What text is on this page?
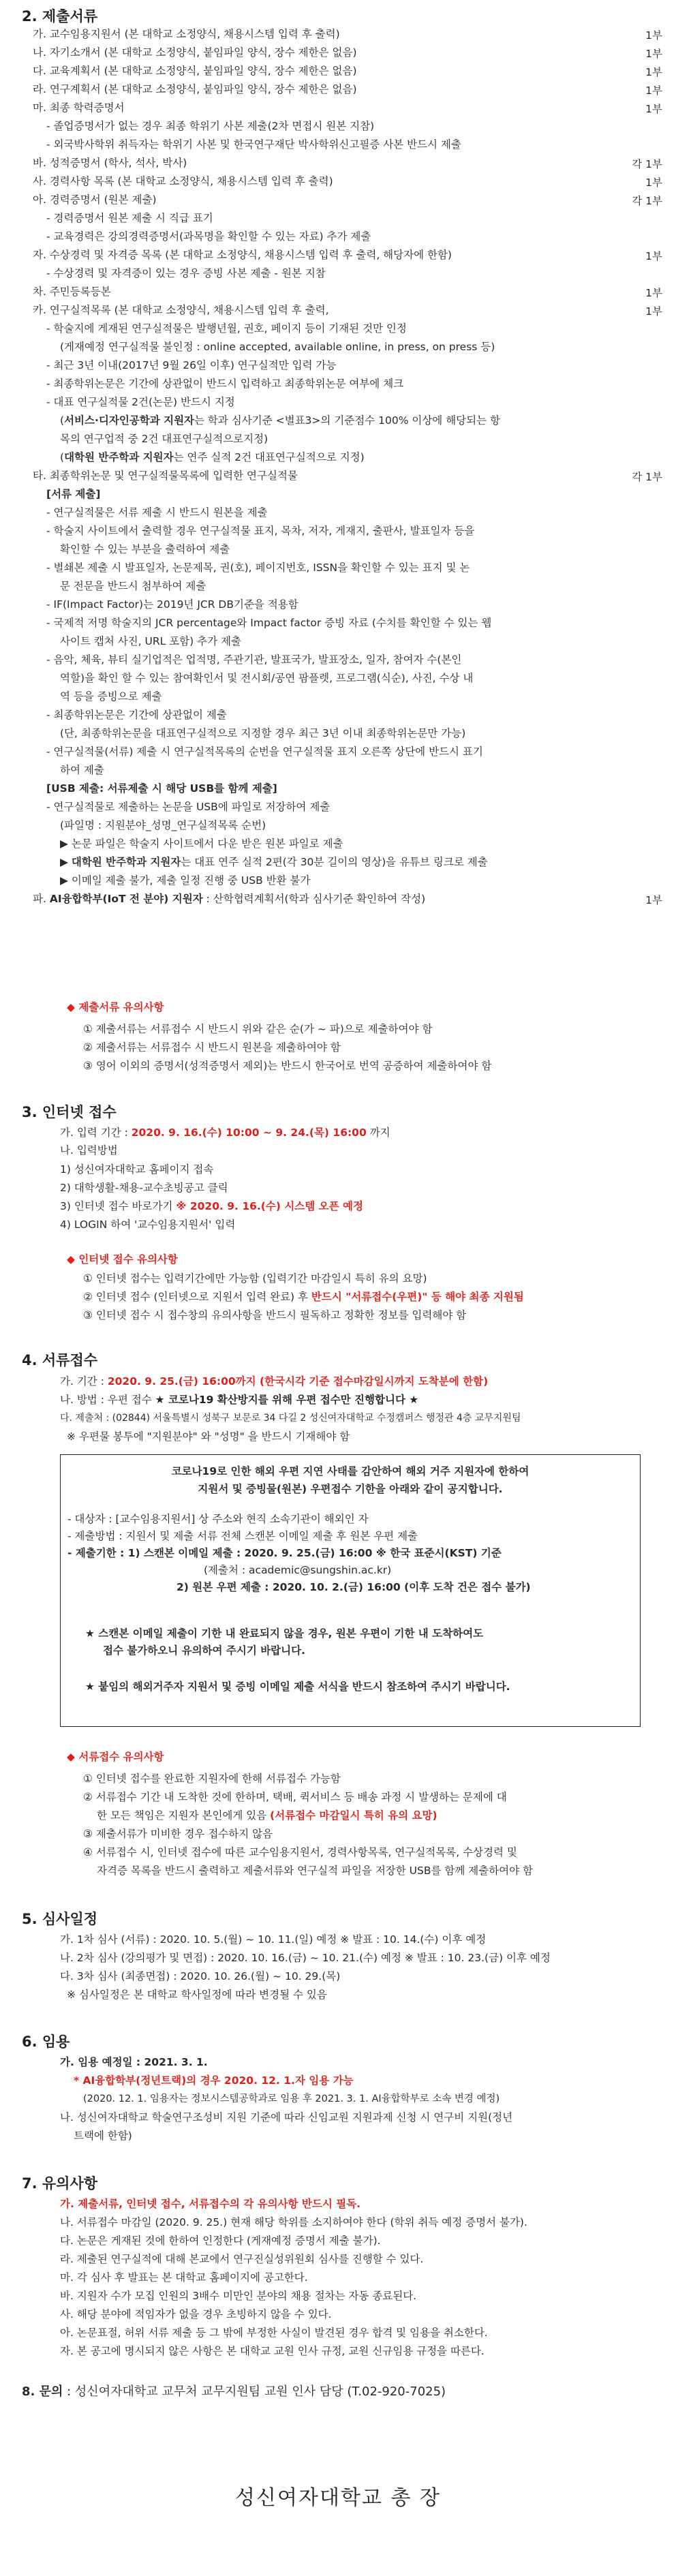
2. 제출서류
가. 교수임용지원서 (본 대학교 소정양식, 채용시스템 입력 후 출력)	1부
나. 자기소개서 (본 대학교 소정양식, 붙임파일 양식, 장수 제한은 없음)	1부
다. 교육계획서 (본 대학교 소정양식, 붙임파일 양식, 장수 제한은 없음)	1부
라. 연구계획서 (본 대학교 소정양식, 붙임파일 양식, 장수 제한은 없음)	1부
마. 최종 학력증명서	1부
- 졸업증명서가 없는 경우 최종 학위기 사본 제출(2차 면접시 원본 지참)
- 외국박사학위 취득자는 학위기 사본 및 한국연구재단 박사학위신고필증 사본 반드시 제출
바. 성적증명서 (학사, 석사, 박사)	각 1부
사. 경력사항 목록 (본 대학교 소정양식, 채용시스템 입력 후 출력)	1부
아. 경력증명서 (원본 제출)	각 1부
- 경력증명서 원본 제출 시 직급 표기
- 교육경력은 강의경력증명서(과목명을 확인할 수 있는 자료) 추가 제출
자. 수상경력 및 자격증 목록 (본 대학교 소정양식, 채용시스템 입력 후 출력, 해당자에 한함)	1부
- 수상경력 및 자격증이 있는 경우 증빙 사본 제출 - 원본 지참
차. 주민등록등본	1부
카. 연구실적목록 (본 대학교 소정양식, 채용시스템 입력 후 출력,	1부
- 학술지에 게재된 연구실적물은 발행년월, 권호, 페이지 등이 기재된 것만 인정
(게재예정 연구실적물 불인정 : online accepted, available online, in press, on press 등)
- 최근 3년 이내(2017년 9월 26일 이후) 연구실적만 입력 가능
- 최종학위논문은 기간에 상관없이 반드시 입력하고 최종학위논문 여부에 체크
- 대표 연구실적물 2건(논문) 반드시 지정
(서비스·디자인공학과 지원자는 학과 심사기준 <별표3>의 기준점수 100% 이상에 해당되는 항
목의 연구업적 중 2건 대표연구실적으로지정)
(대학원 반주학과 지원자는 연주 실적 2건 대표연구실적으로 지정)
타. 최종학위논문 및 연구실적물목록에 입력한 연구실적물	각 1부
[서류 제출]
- 연구실적물은 서류 제출 시 반드시 원본을 제출
- 학술지 사이트에서 출력할 경우 연구실적물 표지, 목차, 저자, 게재지, 출판사, 발표일자 등을
확인할 수 있는 부분을 출력하여 제출
- 별쇄본 제출 시 발표일자, 논문제목, 권(호), 페이지번호, ISSN을 확인할 수 있는 표지 및 논
문 전문을 반드시 첨부하여 제출
- IF(Impact Factor)는 2019년 JCR DB기준을 적용함
- 국제적 저명 학술지의 JCR percentage와 Impact factor 증빙 자료 (수치를 확인할 수 있는 웹
사이트 캡처 사진, URL 포함) 추가 제출
- 음악, 체육, 뷰티 실기업적은 업적명, 주관기관, 발표국가, 발표장소, 일자, 참여자 수(본인
역할)을 확인 할 수 있는 참여확인서 및 전시회/공연 팜플렛, 프로그램(식순), 사진, 수상 내
역 등을 증빙으로 제출
- 최종학위논문은 기간에 상관없이 제출
(단, 최종학위논문을 대표연구실적으로 지정할 경우 최근 3년 이내 최종학위논문만 가능)
- 연구실적물(서류) 제출 시 연구실적목록의 순번을 연구실적물 표지 오른쪽 상단에 반드시 표기
하여 제출
[USB 제출: 서류제출 시 해당 USB를 함께 제출]
- 연구실적물로 제출하는 논문을 USB에 파일로 저장하여 제출
(파일명 : 지원분야_성명_연구실적목록 순번)
▶ 논문 파일은 학술지 사이트에서 다운 받은 원본 파일로 제출
▶ 대학원 반주학과 지원자는 대표 연주 실적 2편(각 30분 길이의 영상)을 유튜브 링크로 제출
▶ 이메일 제출 불가, 제출 일정 진행 중 USB 반환 불가
파. AI융합학부(IoT 전 분야) 지원자 : 산학협력계획서(학과 심사기준 확인하여 작성)	1부
◆ 제출서류 유의사항
① 제출서류는 서류접수 시 반드시 위와 같은 순(가 ~ 파)으로 제출하여야 함
② 제출서류는 서류접수 시 반드시 원본을 제출하여야 함
③ 영어 이외의 증명서(성적증명서 제외)는 반드시 한국어로 번역 공증하여 제출하여야 함
3. 인터넷 접수
가. 입력 기간 : 2020. 9. 16.(수) 10:00 ~ 9. 24.(목) 16:00 까지
나. 입력방법
1) 성신여자대학교 홈페이지 접속
2) 대학생활-채용-교수초빙공고 클릭
3) 인터넷 접수 바로가기 ※ 2020. 9. 16.(수) 시스템 오픈 예정
4) LOGIN 하여 '교수임용지원서' 입력
◆ 인터넷 접수 유의사항
① 인터넷 접수는 입력기간에만 가능함 (입력기간 마감일시 특히 유의 요망)
② 인터넷 접수 (인터넷으로 지원서 입력 완료) 후 반드시 "서류접수(우편)" 등 해야 최종 지원됨
③ 인터넷 접수 시 접수창의 유의사항을 반드시 필독하고 정확한 정보를 입력해야 함
4. 서류접수
가. 기간 : 2020. 9. 25.(금) 16:00까지 (한국시각 기준 접수마감일시까지 도착분에 한함)
나. 방법 : 우편 접수 ★ 코로나19 확산방지를 위해 우편 접수만 진행합니다 ★
다. 제출처 : (02844) 서울특별시 성북구 보문로 34 다길 2 성신여자대학교 수정캠퍼스 행정관 4층 교무지원팀
※ 우편물 봉투에 "지원분야" 와 "성명" 을 반드시 기재해야 함
코로나19로 인한 해외 우편 지연 사태를 감안하여 해외 거주 지원자에 한하여
지원서 및 증빙물(원본) 우편접수 기한을 아래와 같이 공지합니다.
- 대상자 : [교수임용지원서] 상 주소와 현직 소속기관이 해외인 자
- 제출방법 : 지원서 및 제출 서류 전체 스캔본 이메일 제출 후 원본 우편 제출
- 제출기한 : 1) 스캔본 이메일 제출 : 2020. 9. 25.(금) 16:00 ※ 한국 표준시(KST) 기준
(제출처 : academic@sungshin.ac.kr)
2) 원본 우편 제출 : 2020. 10. 2.(금) 16:00 (이후 도착 건은 접수 불가)
★ 스캔본 이메일 제출이 기한 내 완료되지 않을 경우, 원본 우편이 기한 내 도착하여도
접수 불가하오니 유의하여 주시기 바랍니다.
★ 붙임의 해외거주자 지원서 및 증빙 이메일 제출 서식을 반드시 참조하여 주시기 바랍니다.
◆ 서류접수 유의사항
① 인터넷 접수를 완료한 지원자에 한해 서류접수 가능함
② 서류접수 기간 내 도착한 것에 한하며, 택배, 퀵서비스 등 배송 과정 시 발생하는 문제에 대
한 모든 책임은 지원자 본인에게 있음 (서류접수 마감일시 특히 유의 요망)
③ 제출서류가 미비한 경우 접수하지 않음
④ 서류접수 시, 인터넷 접수에 따른 교수임용지원서, 경력사항목록, 연구실적목록, 수상경력 및
자격증 목록을 반드시 출력하고 제출서류와 연구실적 파일을 저장한 USB를 함께 제출하여야 함
5. 심사일정
가. 1차 심사 (서류) : 2020. 10. 5.(월) ~ 10. 11.(일) 예정 ※ 발표 : 10. 14.(수) 이후 예정
나. 2차 심사 (강의평가 및 면접) : 2020. 10. 16.(금) ~ 10. 21.(수) 예정 ※ 발표 : 10. 23.(금) 이후 예정
다. 3차 심사 (최종면접) : 2020. 10. 26.(월) ~ 10. 29.(목)
※ 심사일정은 본 대학교 학사일정에 따라 변경될 수 있음
6. 임용
가. 임용 예정일 : 2021. 3. 1.
* AI융합학부(정년트랙)의 경우 2020. 12. 1.자 임용 가능
(2020. 12. 1. 임용자는 정보시스템공학과로 임용 후 2021. 3. 1. AI융합학부로 소속 변경 예정)
나. 성신여자대학교 학술연구조성비 지원 기준에 따라 신임교원 지원과제 신청 시 연구비 지원(정년
트랙에 한함)
7. 유의사항
가. 제출서류, 인터넷 접수, 서류접수의 각 유의사항 반드시 필독.
나. 서류접수 마감일 (2020. 9. 25.) 현재 해당 학위를 소지하여야 한다 (학위 취득 예정 증명서 불가).
다. 논문은 게재된 것에 한하여 인정한다 (게재예정 증명서 제출 불가).
라. 제출된 연구실적에 대해 본교에서 연구진실성위원회 심사를 진행할 수 있다.
마. 각 심사 후 발표는 본 대학교 홈페이지에 공고한다.
바. 지원자 수가 모집 인원의 3배수 미만인 분야의 채용 절차는 자동 종료된다.
사. 해당 분야에 적임자가 없을 경우 초빙하지 않을 수 있다.
아. 논문표절, 허위 서류 제출 등 그 밖에 부정한 사실이 발견된 경우 합격 및 임용을 취소한다.
자. 본 공고에 명시되지 않은 사항은 본 대학교 교원 인사 규정, 교원 신규임용 규정을 따른다.
8. 문의 : 성신여자대학교 교무처 교무지원팀 교원 인사 담당 (T.02-920-7025)
성신여자대학교 총 장
